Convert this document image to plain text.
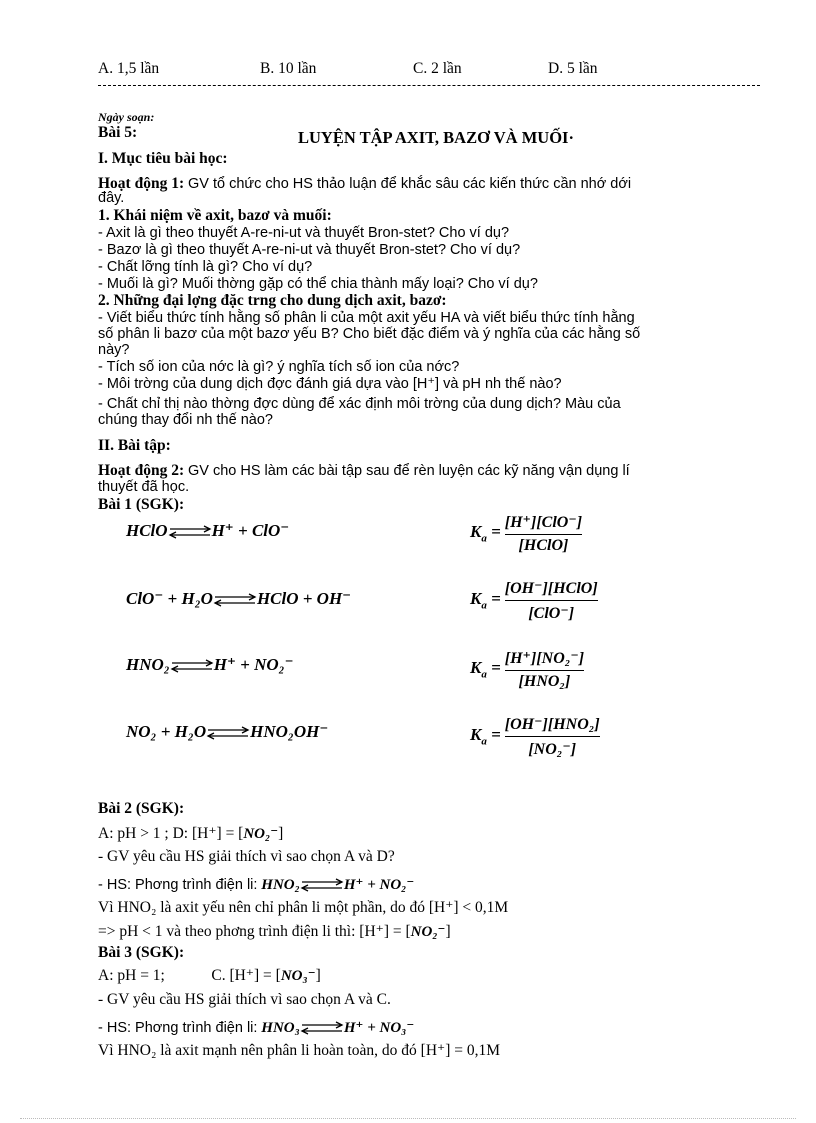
A. 1,5 lần	B. 10 lần	C. 2 lần	D. 5 lần
Ngày soạn:
Bài 5:	LUYỆN TẬP AXIT, BAZƠ VÀ MUỐI·
I. Mục tiêu bài học:
Hoạt động 1: GV tổ chức cho HS thảo luận để khắc sâu các kiến thức cần nhớ dới
đây.
1. Khái niệm về axit, bazơ và muối:
- Axit là gì theo thuyết A-re-ni-ut và thuyết Bron-stet? Cho ví dụ?
- Bazơ là gì theo thuyết A-re-ni-ut và thuyết Bron-stet? Cho ví dụ?
- Chất lỡng tính là gì? Cho ví dụ?
- Muối là gì? Muối thờng gặp có thể chia thành mấy loại? Cho ví dụ?
2. Những đại lợng đặc trng cho dung dịch axit, bazơ:
- Viết biểu thức tính hằng số phân li của một axit yếu HA và viết biểu thức tính hằng
số phân li bazơ của một bazơ yếu B? Cho biết đặc điểm và ý nghĩa của các hằng số
này?
- Tích số ion của nớc là gì? ý nghĩa tích số ion của nớc?
- Môi trờng của dung dịch đợc đánh giá dựa vào [H⁺] và pH nh thế nào?
- Chất chỉ thị nào thờng đợc dùng để xác định môi trờng của dung dịch? Màu của
chúng thay đổi nh thế nào?
II. Bài tập:
Hoạt động 2: GV cho HS làm các bài tập sau để rèn luyện các kỹ năng vận dụng lí
thuyết đã học.
Bài 1 (SGK):
HClO⇌H⁺ + ClO⁻	$K_a = \frac{\text{[H⁺][ClO⁻]}}{\text{[HClO]}}$
ClO⁻ + H₂O⇌HClO + OH⁻	$K_a = \frac{\text{[OH⁻][HClO]}}{\text{[ClO⁻]}}$
HNO₂⇌H⁺ + NO₂⁻	$K_a = \frac{\text{[H⁺][NO₂⁻]}}{\text{[HNO₂]}}$
NO₂ + H₂O⇌HNO₂OH⁻	$K_a = \frac{\text{[OH⁻][HNO₂]}}{\text{[NO₂⁻]}}$
Bài 2 (SGK):
A: pH > 1 ; D: [H⁺] = [NO₂⁻]
- GV yêu cầu HS giải thích vì sao chọn A và D?
- HS: Phơng trình điện li: HNO₂⇌H⁺ + NO₂⁻
Vì HNO₂ là axit yếu nên chỉ phân li một phần, do đó [H⁺] < 0,1M
=> pH < 1 và theo phơng trình điện li thì: [H⁺] = [NO₂⁻]
Bài 3 (SGK):
A: pH = 1;            C. [H⁺] = [NO₃⁻]
- GV yêu cầu HS giải thích vì sao chọn A và C.
- HS: Phơng trình điện li: HNO₃⇌H⁺ + NO₃⁻
Vì HNO₂ là axit mạnh nên phân li hoàn toàn, do đó [H⁺] = 0,1M
